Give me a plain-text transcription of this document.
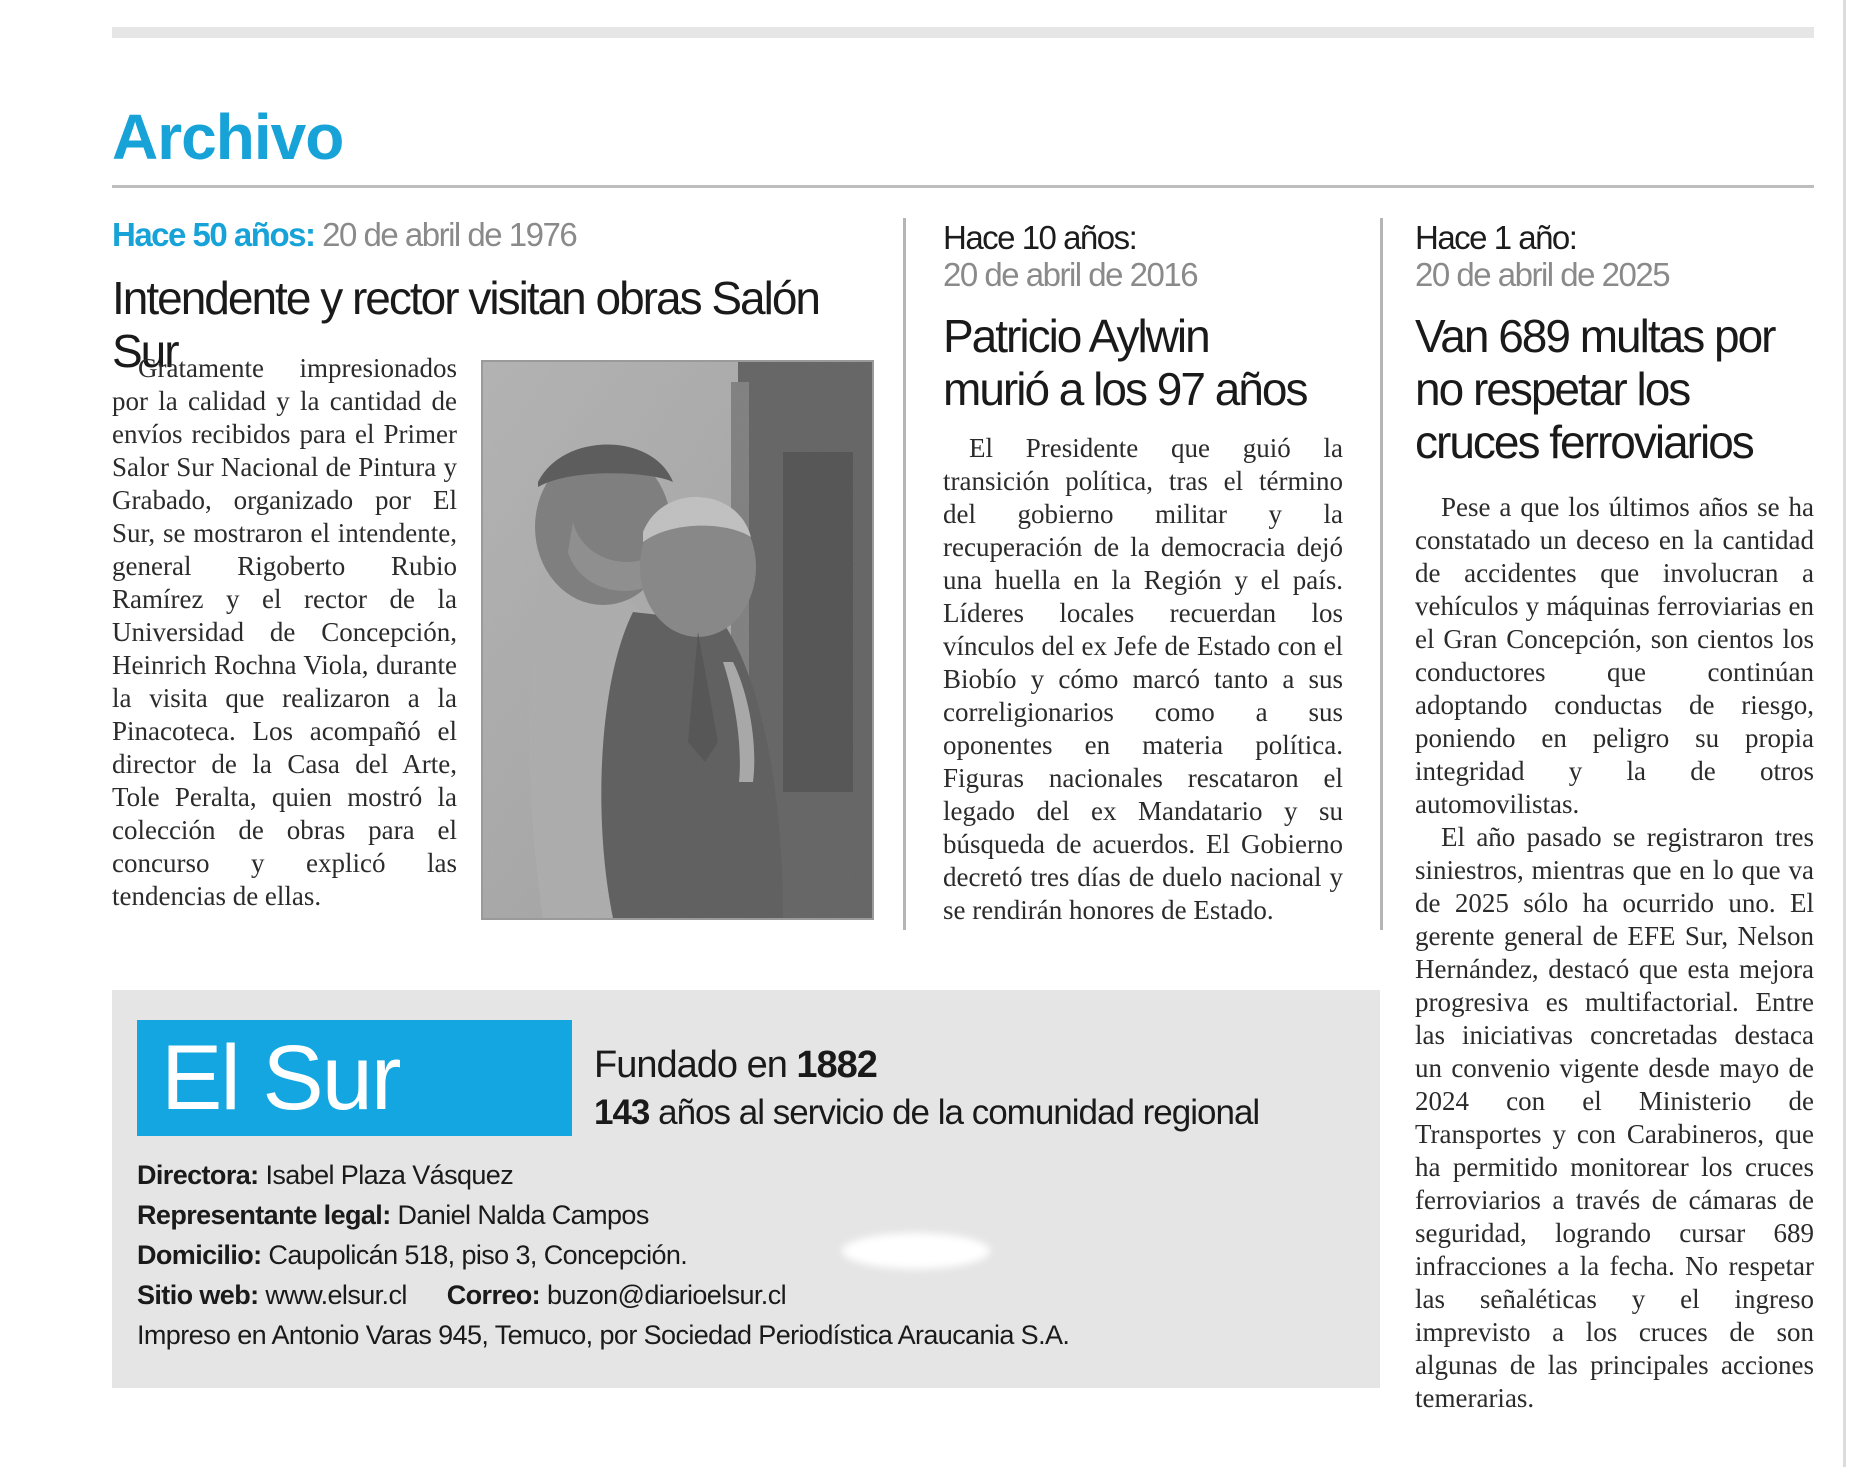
Archivo

Hace 50 años: 20 de abril de 1976

Intendente y rector visitan obras Salón Sur

Gratamente impresionados por la calidad y la cantidad de envíos recibidos para el Primer Salor Sur Nacional de Pintura y Grabado, organizado por El Sur, se mostraron el intendente, general Rigoberto Rubio Ramírez y el rector de la Universidad de Concepción, Heinrich Rochna Viola, durante la visita que realizaron a la Pinacoteca. Los acompañó el director de la Casa del Arte, Tole Peralta, quien mostró la colección de obras para el concurso y explicó las tendencias de ellas.

Hace 10 años:

20 de abril de 2016

Patricio Aylwin
murió a los 97 años

El Presidente que guió la transición política, tras el término del gobierno militar y la recuperación de la democracia dejó una huella en la Región y el país. Líderes locales recuerdan los vínculos del ex Jefe de Estado con el Biobío y cómo marcó tanto a sus correligionarios como a sus oponentes en materia política. Figuras nacionales rescataron el legado del ex Mandatario y su búsqueda de acuerdos. El Gobierno decretó tres días de duelo nacional y se rendirán honores de Estado.

Hace 1 año:

20 de abril de 2025

Van 689 multas por
no respetar los
cruces ferroviarios

Pese a que los últimos años se ha constatado un deceso en la cantidad de accidentes que involucran a vehículos y máquinas ferroviarias en el Gran Concepción, son cientos los conductores que continúan adoptando conductas de riesgo, poniendo en peligro su propia integridad y la de otros automovilistas.

El año pasado se registraron tres siniestros, mientras que en lo que va de 2025 sólo ha ocurrido uno. El gerente general de EFE Sur, Nelson Hernández, destacó que esta mejora progresiva es multifactorial. Entre las iniciativas concretadas destaca un convenio vigente desde mayo de 2024 con el Ministerio de Transportes y con Carabineros, que ha permitido monitorear los cruces ferroviarios a través de cámaras de seguridad, logrando cursar 689 infracciones a la fecha. No respetar las señaléticas y el ingreso imprevisto a los cruces de son algunas de las principales acciones temerarias.

El Sur	Fundado en 1882

143 años al servicio de la comunidad regional

Directora: Isabel Plaza Vásquez

Representante legal: Daniel Nalda Campos

Domicilio: Caupolicán 518, piso 3, Concepción.

Sitio web: www.elsur.cl Correo: buzon@diarioelsur.cl

Impreso en Antonio Varas 945, Temuco, por Sociedad Periodística Araucania S.A.
